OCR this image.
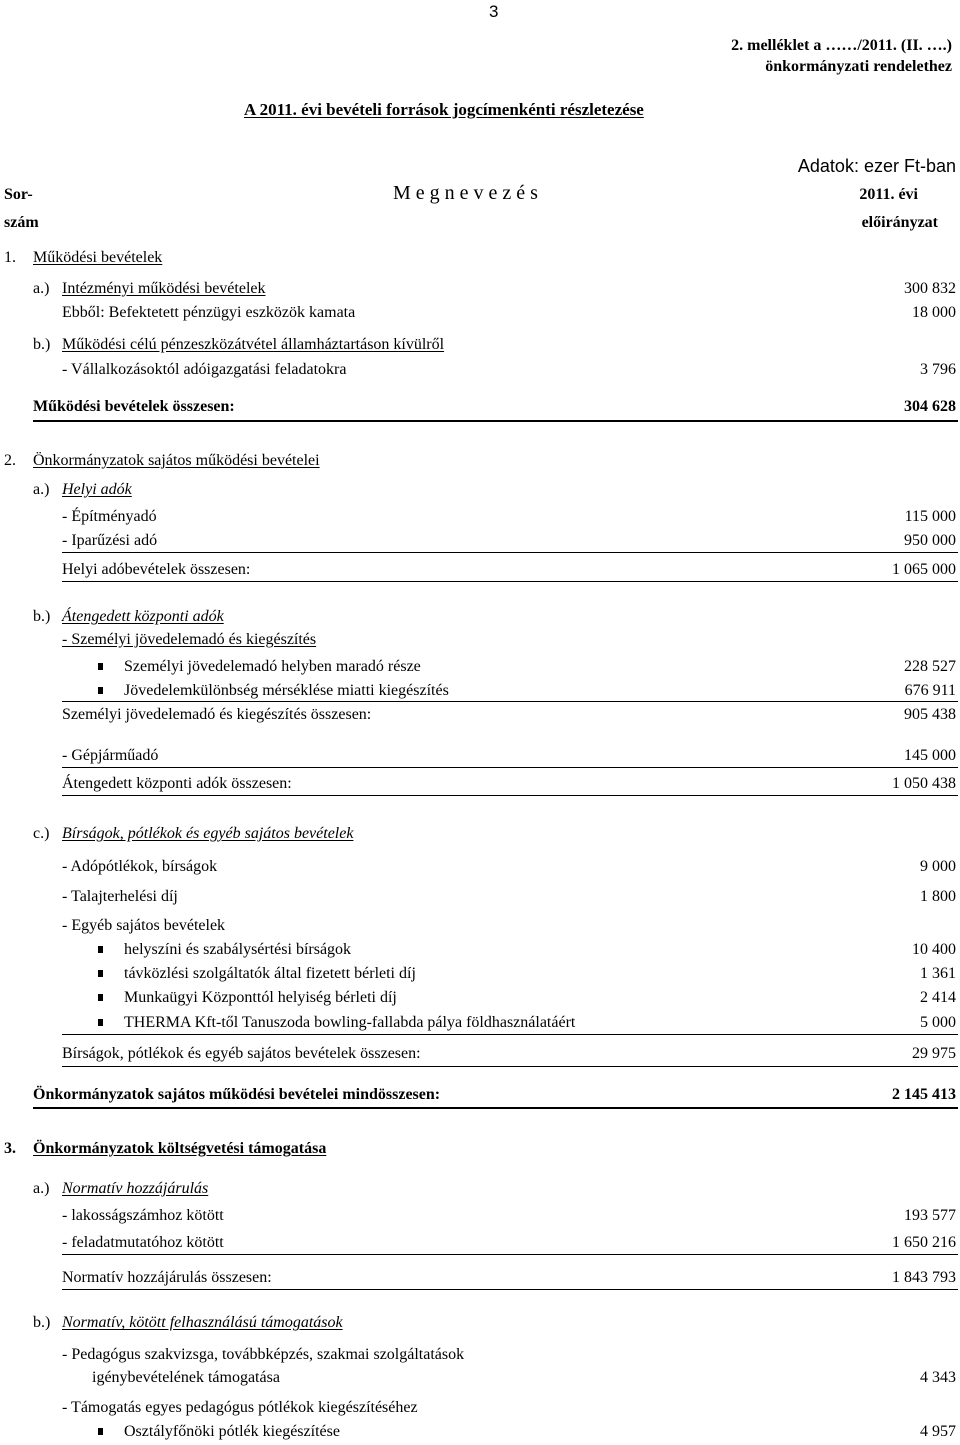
3
2. melléklet a ……/2011. (II. ….)
önkormányzati rendelethez
A 2011. évi bevételi források jogcímenkénti részletezése
Adatok: ezer Ft-ban
Sor-	M e g n e v e z é s	2011. évi
szám	előirányzat
1. Működési bevételek
a.) Intézményi működési bevételek	300 832
Ebből: Befektetett pénzügyi eszközök kamata	18 000
b.) Működési célú pénzeszközátvétel államháztartáson kívülről
- Vállalkozásoktól adóigazgatási feladatokra	3 796
Működési bevételek összesen:	304 628
2. Önkormányzatok sajátos működési bevételei
a.) Helyi adók
- Építményadó	115 000
- Iparűzési adó	950 000
Helyi adóbevételek összesen:	1 065 000
b.) Átengedett központi adók
- Személyi jövedelemadó és kiegészítés
Személyi jövedelemadó helyben maradó része	228 527
Jövedelemkülönbség mérséklése miatti kiegészítés	676 911
Személyi jövedelemadó és kiegészítés összesen:	905 438
- Gépjárműadó	145 000
Átengedett központi adók összesen:	1 050 438
c.) Bírságok, pótlékok és egyéb sajátos bevételek
- Adópótlékok, bírságok	9 000
- Talajterhelési díj	1 800
- Egyéb sajátos bevételek
helyszíni és szabálysértési bírságok	10 400
távközlési szolgáltatók által fizetett bérleti díj	1 361
Munkaügyi Központtól helyiség bérleti díj	2 414
THERMA Kft-től Tanuszoda bowling-fallabda pálya földhasználatáért	5 000
Bírságok, pótlékok és egyéb sajátos bevételek összesen:	29 975
Önkormányzatok sajátos működési bevételei mindösszesen:	2 145 413
3. Önkormányzatok költségvetési támogatása
a.) Normatív hozzájárulás
- lakosságszámhoz kötött	193 577
- feladatmutatóhoz kötött	1 650 216
Normatív hozzájárulás összesen:	1 843 793
b.) Normatív, kötött felhasználású támogatások
- Pedagógus szakvizsga, továbbképzés, szakmai szolgáltatások
igénybevételének támogatása	4 343
- Támogatás egyes pedagógus pótlékok kiegészítéséhez
Osztályfőnöki pótlék kiegészítése	4 957
